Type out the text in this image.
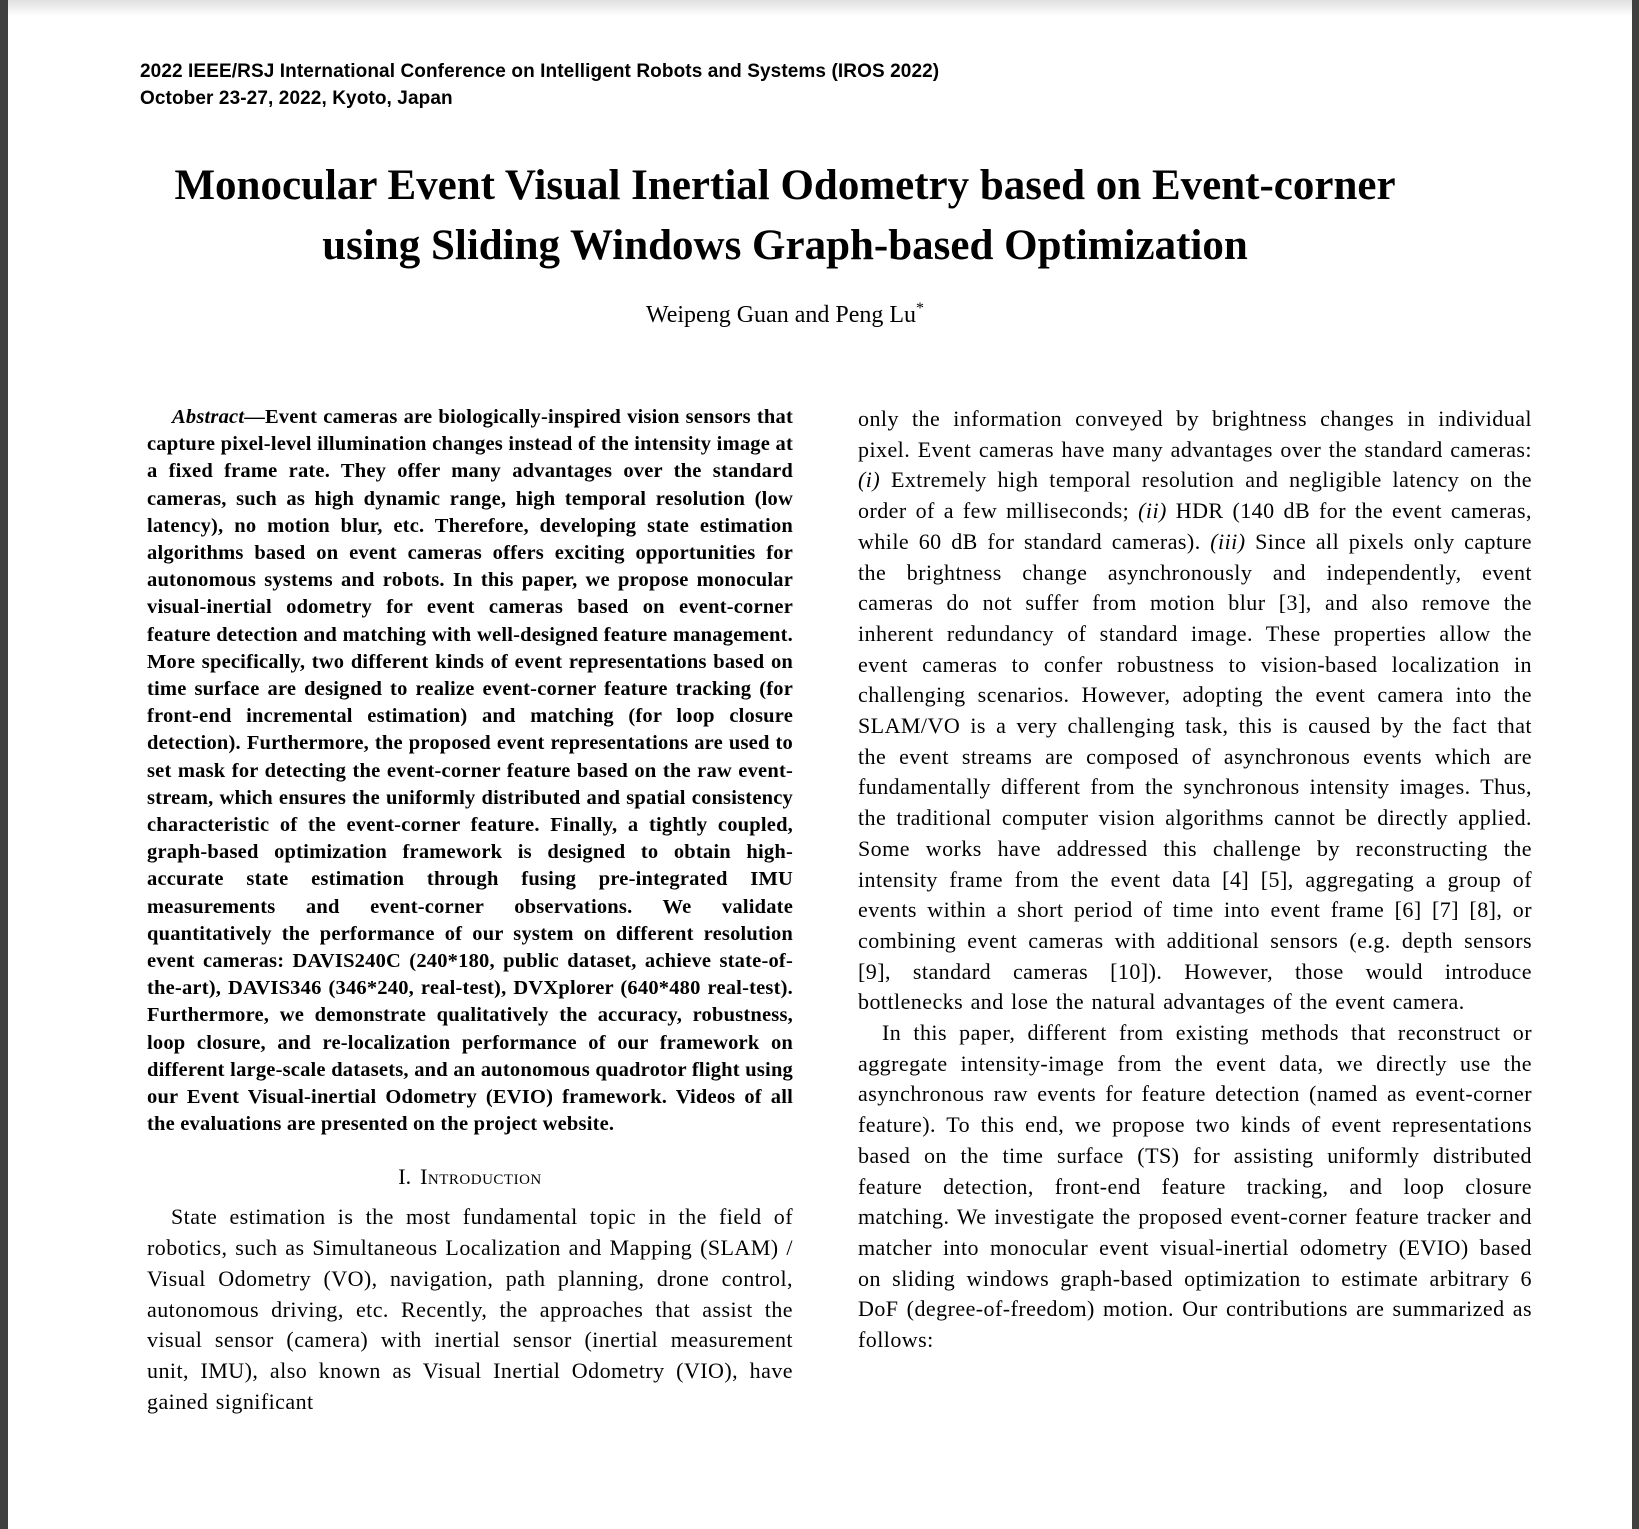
2022 IEEE/RSJ International Conference on Intelligent Robots and Systems (IROS 2022)
October 23-27, 2022, Kyoto, Japan
Monocular Event Visual Inertial Odometry based on Event-corner
using Sliding Windows Graph-based Optimization
Weipeng Guan and Peng Lu*

Abstract—Event cameras are biologically-inspired vision sensors that capture pixel-level illumination changes instead of the intensity image at a fixed frame rate. They offer many advantages over the standard cameras, such as high dynamic range, high temporal resolution (low latency), no motion blur, etc. Therefore, developing state estimation algorithms based on event cameras offers exciting opportunities for autonomous systems and robots. In this paper, we propose monocular visual-inertial odometry for event cameras based on event-corner feature detection and matching with well-designed feature management. More specifically, two different kinds of event representations based on time surface are designed to realize event-corner feature tracking (for front-end incremental estimation) and matching (for loop closure detection). Furthermore, the proposed event representations are used to set mask for detecting the event-corner feature based on the raw event-stream, which ensures the uniformly distributed and spatial consistency characteristic of the event-corner feature. Finally, a tightly coupled, graph-based optimization framework is designed to obtain high-accurate state estimation through fusing pre-integrated IMU measurements and event-corner observations. We validate quantitatively the performance of our system on different resolution event cameras: DAVIS240C (240*180, public dataset, achieve state-of-the-art), DAVIS346 (346*240, real-test), DVXplorer (640*480 real-test). Furthermore, we demonstrate qualitatively the accuracy, robustness, loop closure, and re-localization performance of our framework on different large-scale datasets, and an autonomous quadrotor flight using our Event Visual-inertial Odometry (EVIO) framework. Videos of all the evaluations are presented on the project website.

I. Introduction

State estimation is the most fundamental topic in the field of robotics, such as Simultaneous Localization and Mapping (SLAM) / Visual Odometry (VO), navigation, path planning, drone control, autonomous driving, etc. Recently, the approaches that assist the visual sensor (camera) with inertial sensor (inertial measurement unit, IMU), also known as Visual Inertial Odometry (VIO), have gained significant

only the information conveyed by brightness changes in individual pixel. Event cameras have many advantages over the standard cameras: (i) Extremely high temporal resolution and negligible latency on the order of a few milliseconds; (ii) HDR (140 dB for the event cameras, while 60 dB for standard cameras). (iii) Since all pixels only capture the brightness change asynchronously and independently, event cameras do not suffer from motion blur [3], and also remove the inherent redundancy of standard image. These properties allow the event cameras to confer robustness to vision-based localization in challenging scenarios. However, adopting the event camera into the SLAM/VO is a very challenging task, this is caused by the fact that the event streams are composed of asynchronous events which are fundamentally different from the synchronous intensity images. Thus, the traditional computer vision algorithms cannot be directly applied. Some works have addressed this challenge by reconstructing the intensity frame from the event data [4] [5], aggregating a group of events within a short period of time into event frame [6] [7] [8], or combining event cameras with additional sensors (e.g. depth sensors [9], standard cameras [10]). However, those would introduce bottlenecks and lose the natural advantages of the event camera.

In this paper, different from existing methods that reconstruct or aggregate intensity-image from the event data, we directly use the asynchronous raw events for feature detection (named as event-corner feature). To this end, we propose two kinds of event representations based on the time surface (TS) for assisting uniformly distributed feature detection, front-end feature tracking, and loop closure matching. We investigate the proposed event-corner feature tracker and matcher into monocular event visual-inertial odometry (EVIO) based on sliding windows graph-based optimization to estimate arbitrary 6 DoF (degree-of-freedom) motion. Our contributions are summarized as follows:
